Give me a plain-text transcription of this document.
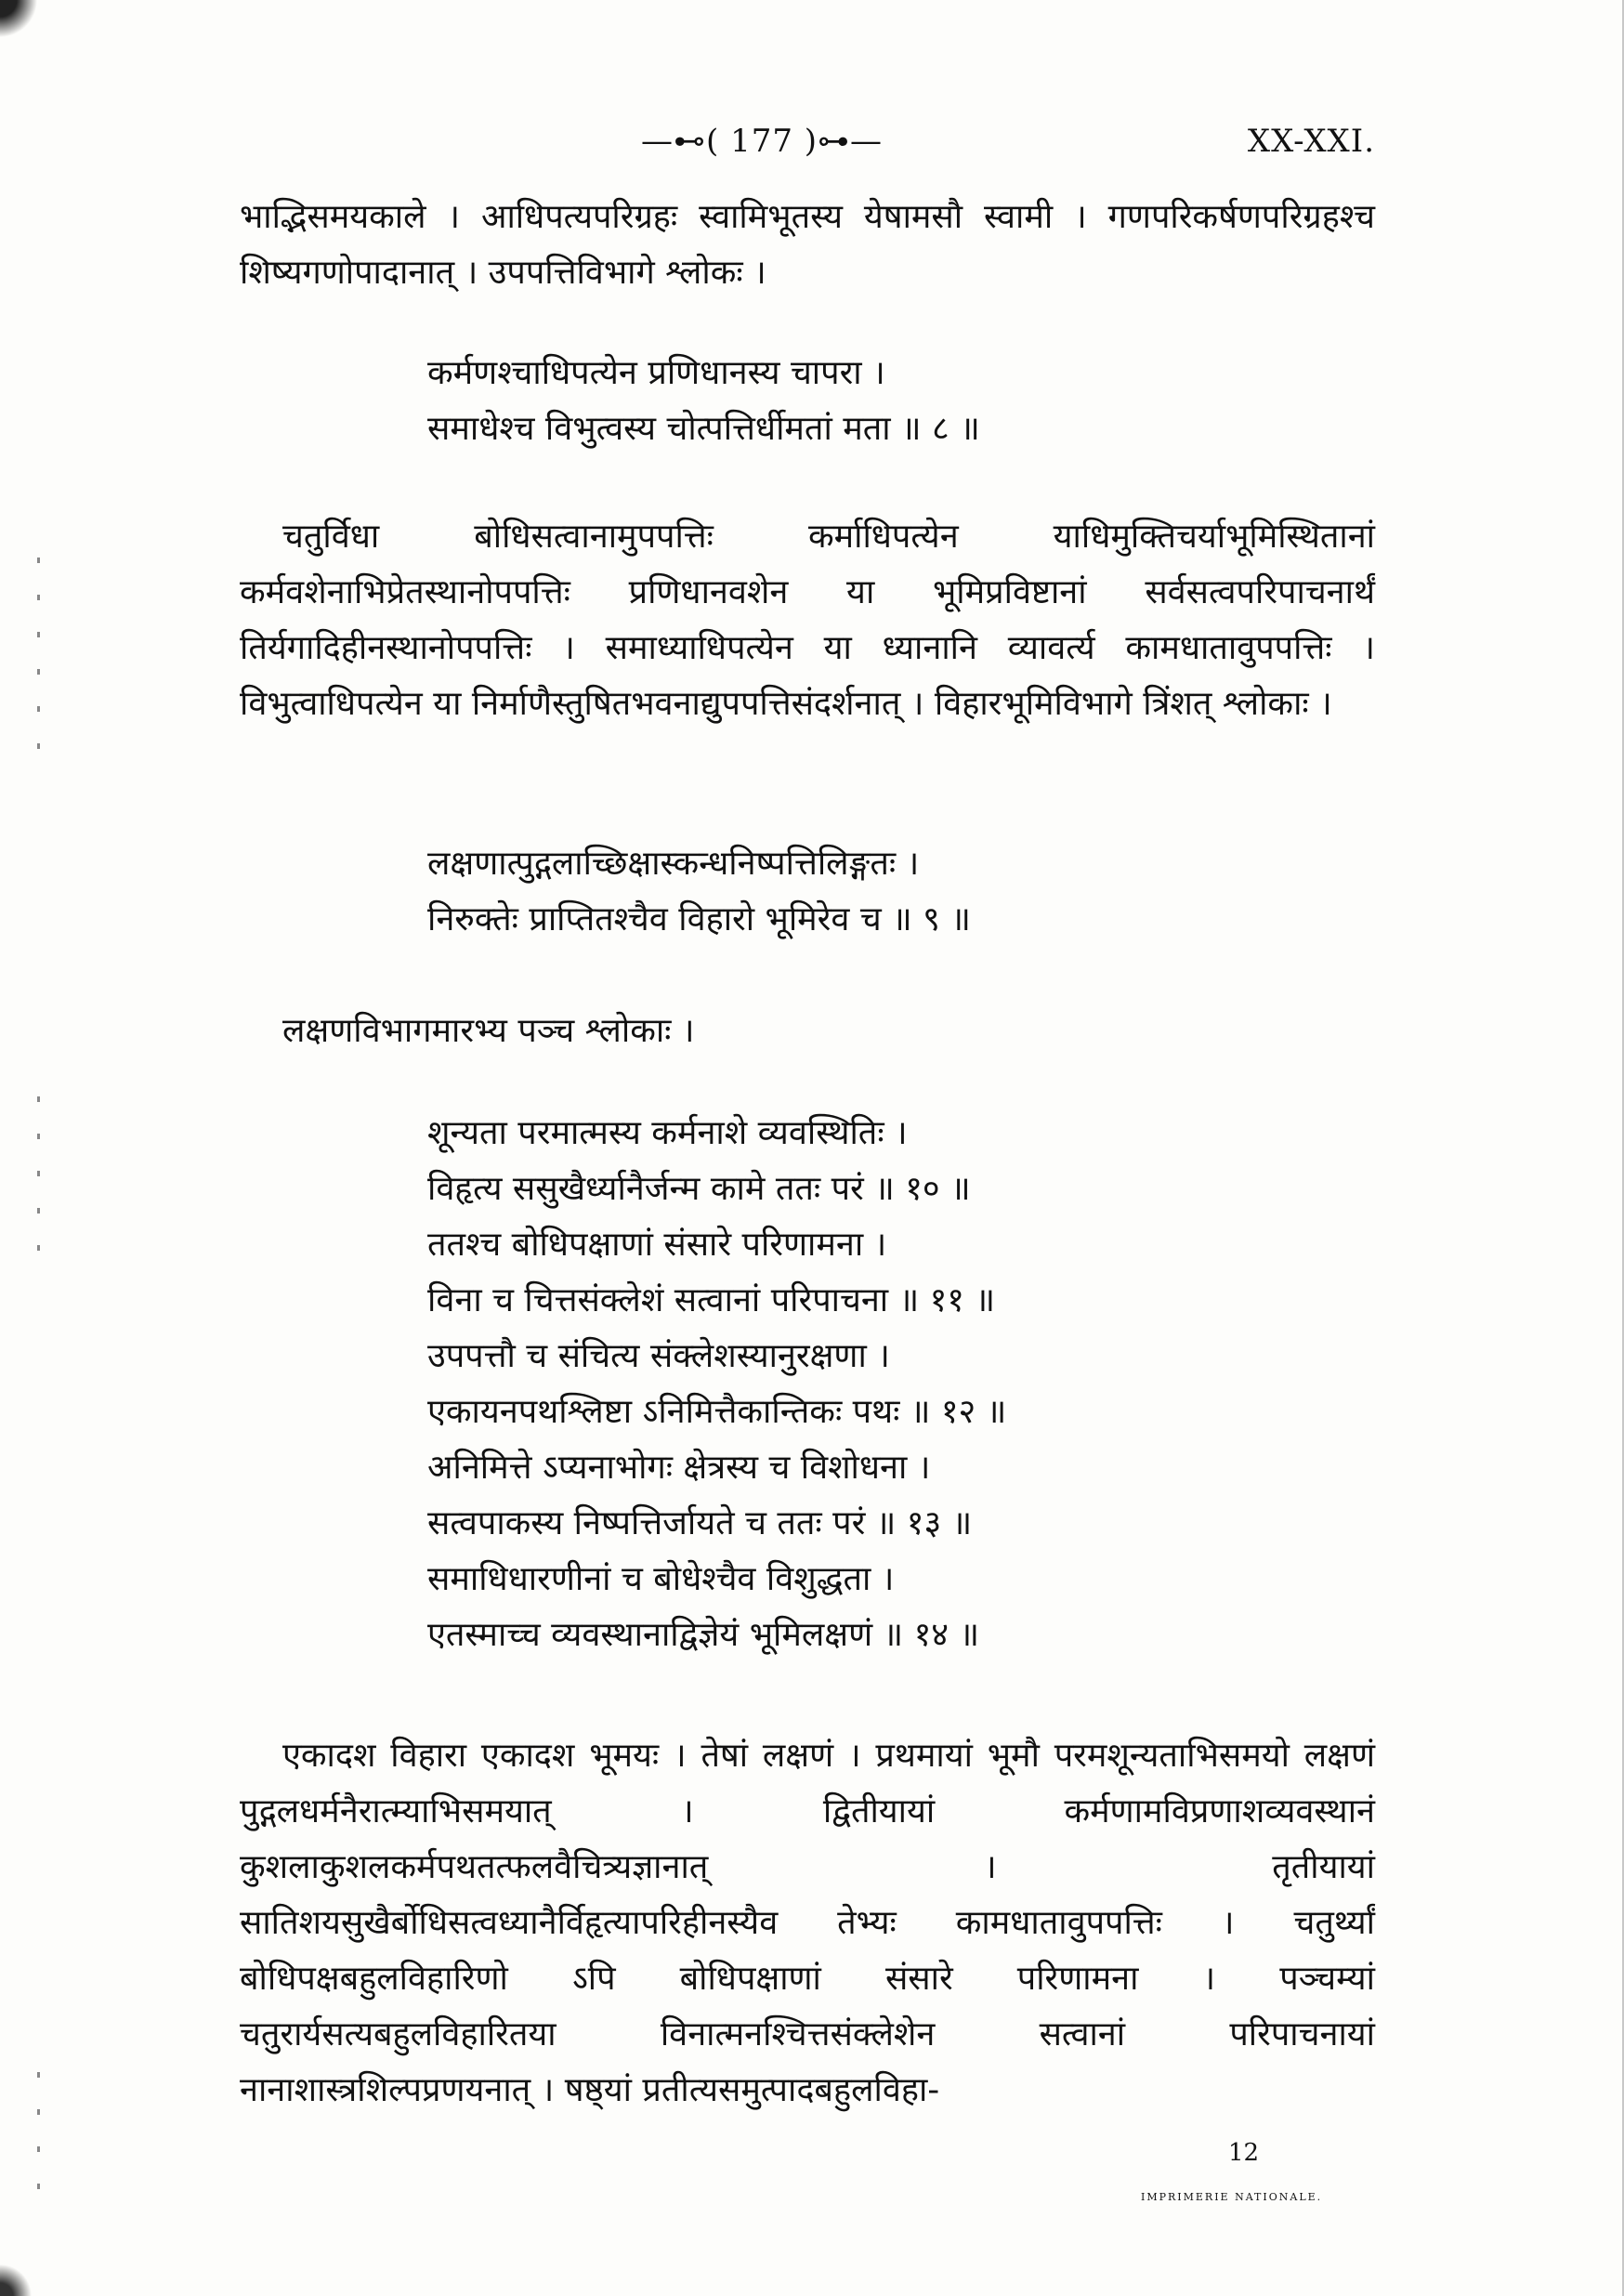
—⊷( 177 )⊶—	XX-XXI.

भाद्भिसमयकाले । आधिपत्यपरिग्रहः स्वामिभूतस्य येषामसौ स्वामी । गणपरिकर्षणपरिग्रहश्च शिष्यगणोपादानात् । उपपत्तिविभागे श्लोकः ।

कर्मणश्चाधिपत्येन प्रणिधानस्य चापरा ।
समाधेश्च विभुत्वस्य चोत्पत्तिर्धीमतां मता ॥ ८ ॥

चतुर्विधा बोधिसत्वानामुपपत्तिः कर्माधिपत्येन याधिमुक्तिचर्याभूमिस्थितानां कर्मवशेनाभिप्रेतस्थानोपपत्तिः प्रणिधानवशेन या भूमिप्रविष्टानां सर्वसत्वपरिपाचनार्थं तिर्यगादिहीनस्थानोपपत्तिः । समाध्याधिपत्येन या ध्यानानि व्यावर्त्य कामधातावुपपत्तिः । विभुत्वाधिपत्येन या निर्माणैस्तुषितभवनाद्युपपत्तिसंदर्शनात् । विहारभूमिविभागे त्रिंशत् श्लोकाः ।

लक्षणात्पुद्गलाच्छिक्षास्कन्धनिष्पत्तिलिङ्गतः ।
निरुक्तेः प्राप्तितश्चैव विहारो भूमिरेव च ॥ ९ ॥
लक्षणविभागमारभ्य पञ्च श्लोकाः ।
शून्यता परमात्मस्य कर्मनाशे व्यवस्थितिः ।
विहृत्य ससुखैर्ध्यानैर्जन्म कामे ततः परं ॥ १० ॥
ततश्च बोधिपक्षाणां संसारे परिणामना ।
विना च चित्तसंक्लेशं सत्वानां परिपाचना ॥ ११ ॥
उपपत्तौ च संचित्य संक्लेशस्यानुरक्षणा ।
एकायनपथश्लिष्टा ऽनिमित्तैकान्तिकः पथः ॥ १२ ॥
अनिमित्ते ऽप्यनाभोगः क्षेत्रस्य च विशोधना ।
सत्वपाकस्य निष्पत्तिर्जायते च ततः परं ॥ १३ ॥
समाधिधारणीनां च बोधेश्चैव विशुद्धता ।
एतस्माच्च व्यवस्थानाद्विज्ञेयं भूमिलक्षणं ॥ १४ ॥

एकादश विहारा एकादश भूमयः । तेषां लक्षणं । प्रथमायां भूमौ परमशून्यताभिसमयो लक्षणं पुद्गलधर्मनैरात्म्याभिसमयात् । द्वितीयायां कर्मणामविप्रणाशव्यवस्थानं कुशलाकुशलकर्मपथतत्फलवैचित्र्यज्ञानात् । तृतीयायां सातिशयसुखैर्बोधिसत्वध्यानैर्विहृत्यापरिहीनस्यैव तेभ्यः कामधातावुपपत्तिः । चतुर्थ्यां बोधिपक्षबहुलविहारिणो ऽपि बोधिपक्षाणां संसारे परिणामना । पञ्चम्यां चतुरार्यसत्यबहुलविहारितया विनात्मनश्चित्तसंक्लेशेन सत्वानां परिपाचनायां नानाशास्त्रशिल्पप्रणयनात् । षष्ठ्यां प्रतीत्यसमुत्पादबहुलविहा-

12
IMPRIMERIE NATIONALE.
